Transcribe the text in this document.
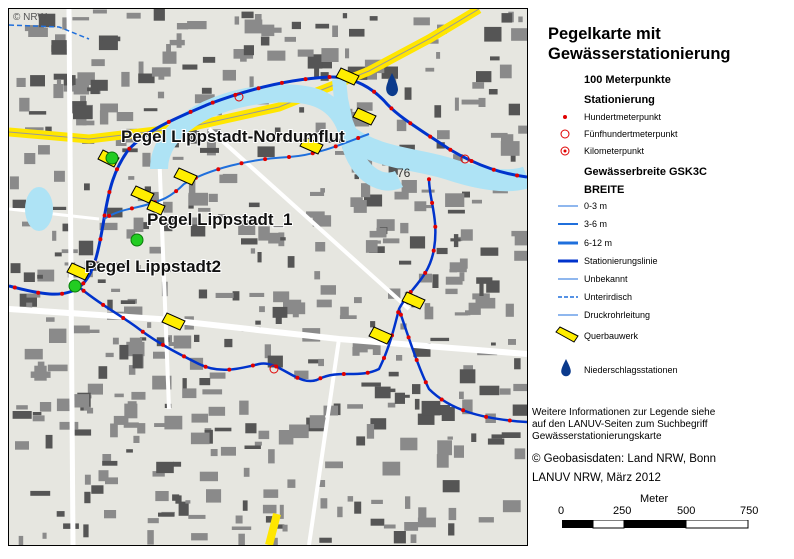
Pegel Lippstadt-Nordumflut
Pegel Lippstadt_1
Pegel Lippstadt2
76
© NRW
Pegelkarte mit
Gewässerstationierung
100 Meterpunkte
Stationierung
Hundertmeterpunkt
Fünfhundertmeterpunkt
Kilometerpunkt
Gewässerbreite GSK3C
BREITE
0-3 m
3-6 m
6-12 m
Stationierungslinie
Unbekannt
Unterirdisch
Druckrohrleitung
Querbauwerk
Niederschlagsstationen
Weitere Informationen zur Legende siehe
auf den LANUV-Seiten zum Suchbegriff
Gewässerstationierungskarte
© Geobasisdaten: Land NRW, Bonn
LANUV NRW, März 2012
Meter
0	250	500	750
